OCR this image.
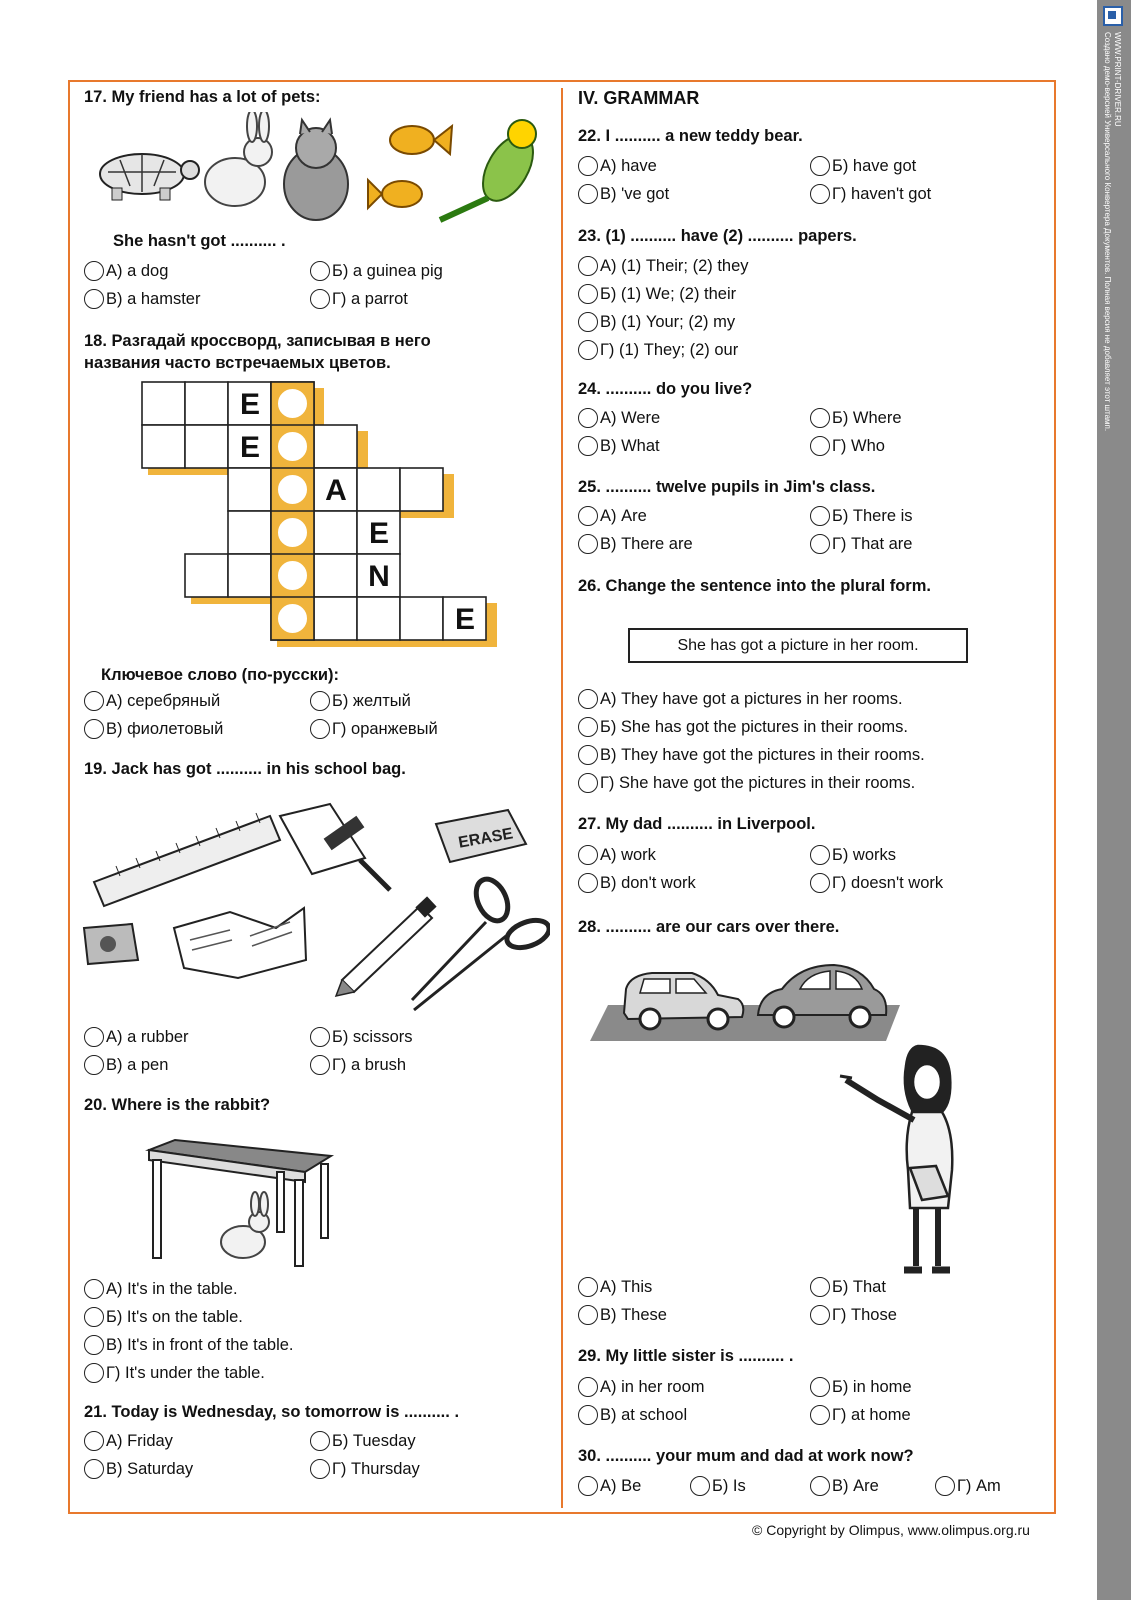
Создано демо-версией Универсального Конвертера Документов. Полная версия не добавляет этот штамп. WWW.PRINT-DRIVER.RU
17. My friend has a lot of pets:
She hasn't got .......... .
А) a dog	Б) a guinea pig
В) a hamster	Г) a parrot
18. Разгадай кроссворд, записывая в него названия часто встречаемых цветов.
E
E
A
E
N
E
Ключевое слово (по-русски):
А) серебряный	Б) желтый
В) фиолетовый	Г) оранжевый
19. Jack has got .......... in his school bag.
ERASE
А) a rubber	Б) scissors
В) a pen	Г) a brush
20. Where is the rabbit?
А) It's in the table.
Б) It's on the table.
В) It's in front of the table.
Г) It's under the table.
21. Today is Wednesday, so tomorrow is .......... .
А) Friday	Б) Tuesday
В) Saturday	Г) Thursday
IV. GRAMMAR
22. I .......... a new teddy bear.
А) have	Б) have got
В) 've got	Г) haven't got
23. (1) .......... have (2) .......... papers.
А) (1) Their; (2) they
Б) (1) We; (2) their
В) (1) Your; (2) my
Г) (1) They; (2) our
24. .......... do you live?
А) Were	Б) Where
В) What	Г) Who
25. .......... twelve pupils in Jim's class.
А) Are	Б) There is
В) There are	Г) That are
26. Change the sentence into the plural form.
She has got a picture in her room.
А) They have got a pictures in her rooms.
Б) She has got the pictures in their rooms.
В) They have got the pictures in their rooms.
Г) She have got the pictures in their rooms.
27. My dad .......... in Liverpool.
А) work	Б) works
В) don't work	Г) doesn't work
28. .......... are our cars over there.
А) This	Б) That
В) These	Г) Those
29. My little sister is .......... .
А) in her room	Б) in home
В) at school	Г) at home
30. .......... your mum and dad at work now?
А) Be	Б) Is	В) Are	Г) Am
© Copyright by Olimpus, www.olimpus.org.ru
